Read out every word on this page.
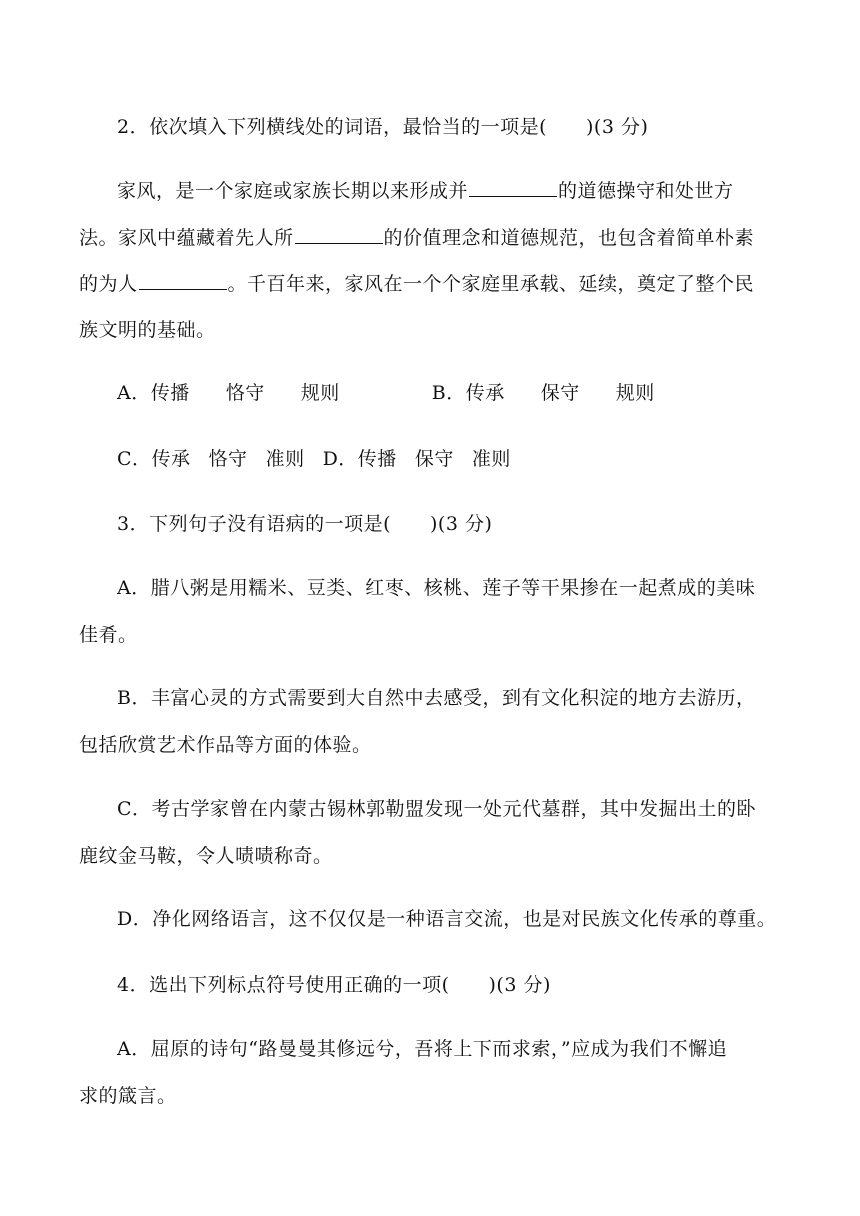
2．依次填入下列横线处的词语，最恰当的一项是(　　)(3 分)
家风，是一个家庭或家族长期以来形成并	的道德操守和处世方
法。家风中蕴藏着先人所	的价值理念和道德规范，也包含着简单朴素
的为人	。千百年来，家风在一个个家庭里承载、延续，奠定了整个民
族文明的基础。
A．传播 恪守 规则	B．传承 保守 规则
C．传承 恪守 准则 D．传播 保守 准则
3．下列句子没有语病的一项是(　　)(3 分)
A．腊八粥是用糯米、豆类、红枣、核桃、莲子等干果掺在一起煮成的美味
佳肴。
B．丰富心灵的方式需要到大自然中去感受，到有文化积淀的地方去游历，
包括欣赏艺术作品等方面的体验。
C．考古学家曾在内蒙古锡林郭勒盟发现一处元代墓群，其中发掘出土的卧
鹿纹金马鞍，令人啧啧称奇。
D．净化网络语言，这不仅仅是一种语言交流，也是对民族文化传承的尊重。
4．选出下列标点符号使用正确的一项(　　)(3 分)
A．屈原的诗句“路曼曼其修远兮，吾将上下而求索，”应成为我们不懈追
求的箴言。
